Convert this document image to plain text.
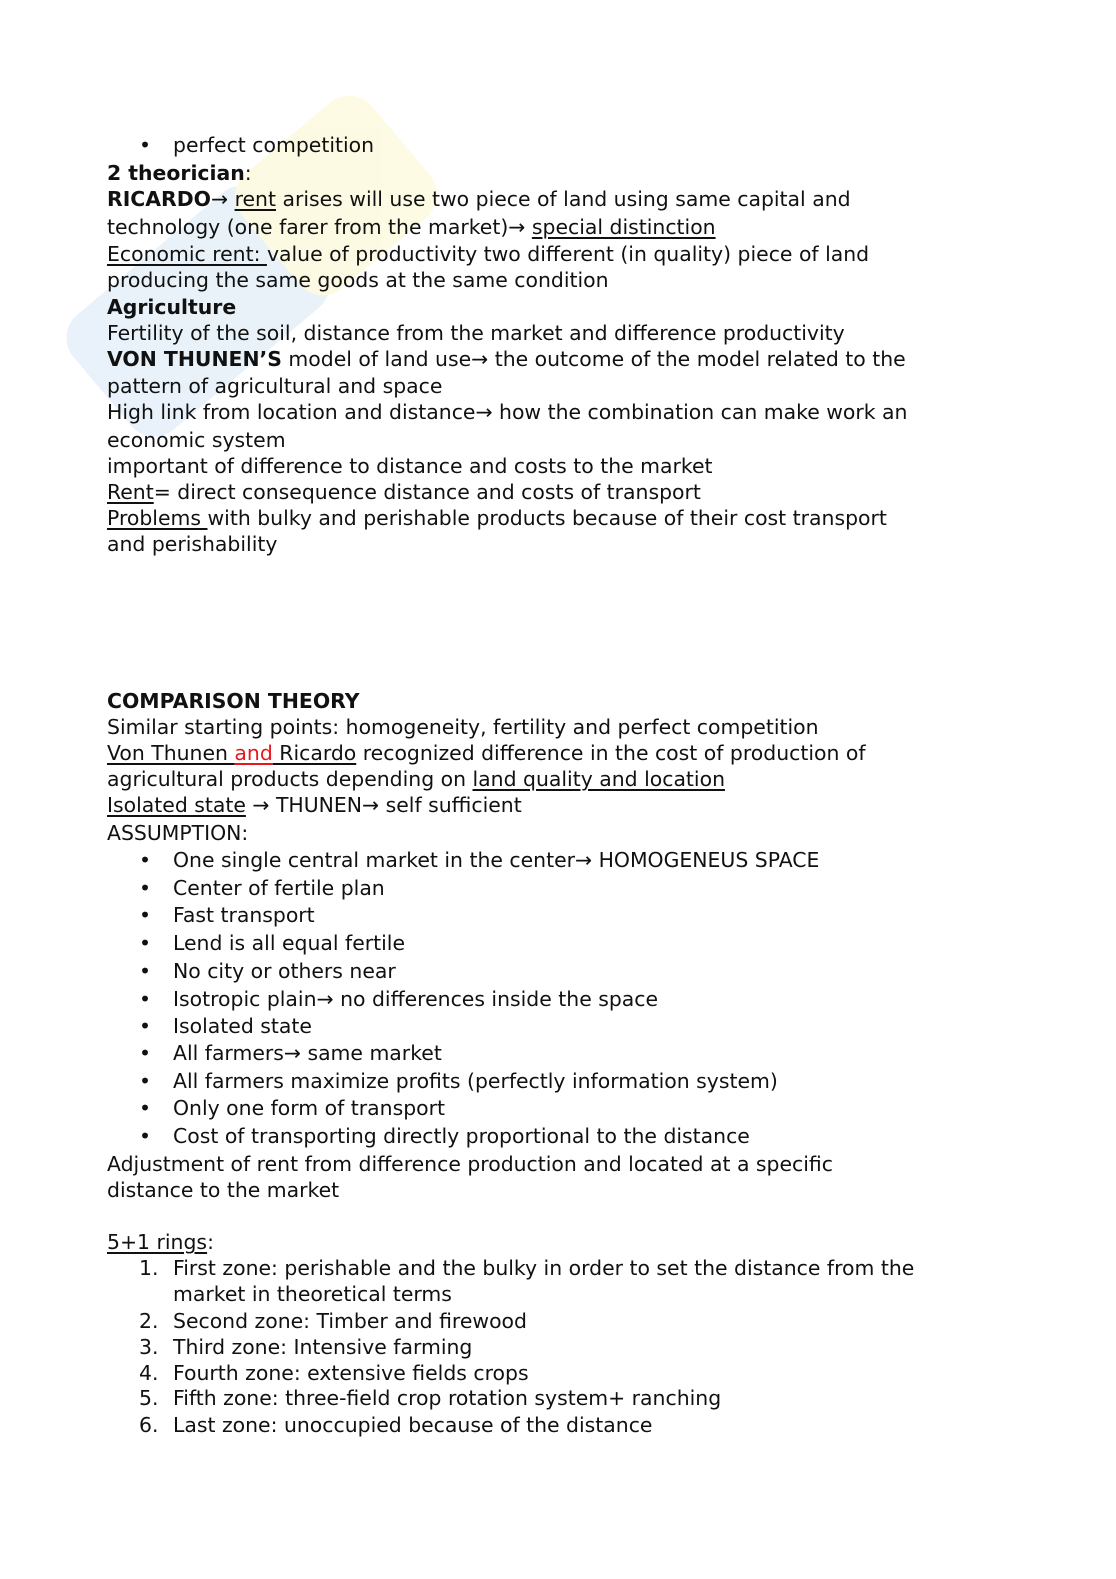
•	perfect competition
2 theorician:
RICARDO→ rent arises will use two piece of land using same capital and
technology (one farer from the market)→ special distinction
Economic rent: value of productivity two different (in quality) piece of land
producing the same goods at the same condition
Agriculture
Fertility of the soil, distance from the market and difference productivity
VON THUNEN’S model of land use→ the outcome of the model related to the
pattern of agricultural and space
High link from location and distance→ how the combination can make work an
economic system
important of difference to distance and costs to the market
Rent= direct consequence distance and costs of transport
Problems with bulky and perishable products because of their cost transport
and perishability
COMPARISON THEORY
Similar starting points: homogeneity, fertility and perfect competition
Von Thunen and Ricardo recognized difference in the cost of production of
agricultural products depending on land quality and location
Isolated state → THUNEN→ self sufficient
ASSUMPTION:
•	One single central market in the center→ HOMOGENEUS SPACE
•	Center of fertile plan
•	Fast transport
•	Lend is all equal fertile
•	No city or others near
•	Isotropic plain→ no differences inside the space
•	Isolated state
•	All farmers→ same market
•	All farmers maximize profits (perfectly information system)
•	Only one form of transport
•	Cost of transporting directly proportional to the distance
Adjustment of rent from difference production and located at a specific
distance to the market
5+1 rings:
1. First zone: perishable and the bulky in order to set the distance from the
market in theoretical terms
2. Second zone: Timber and firewood
3. Third zone: Intensive farming
4. Fourth zone: extensive fields crops
5. Fifth zone: three-field crop rotation system+ ranching
6. Last zone: unoccupied because of the distance
